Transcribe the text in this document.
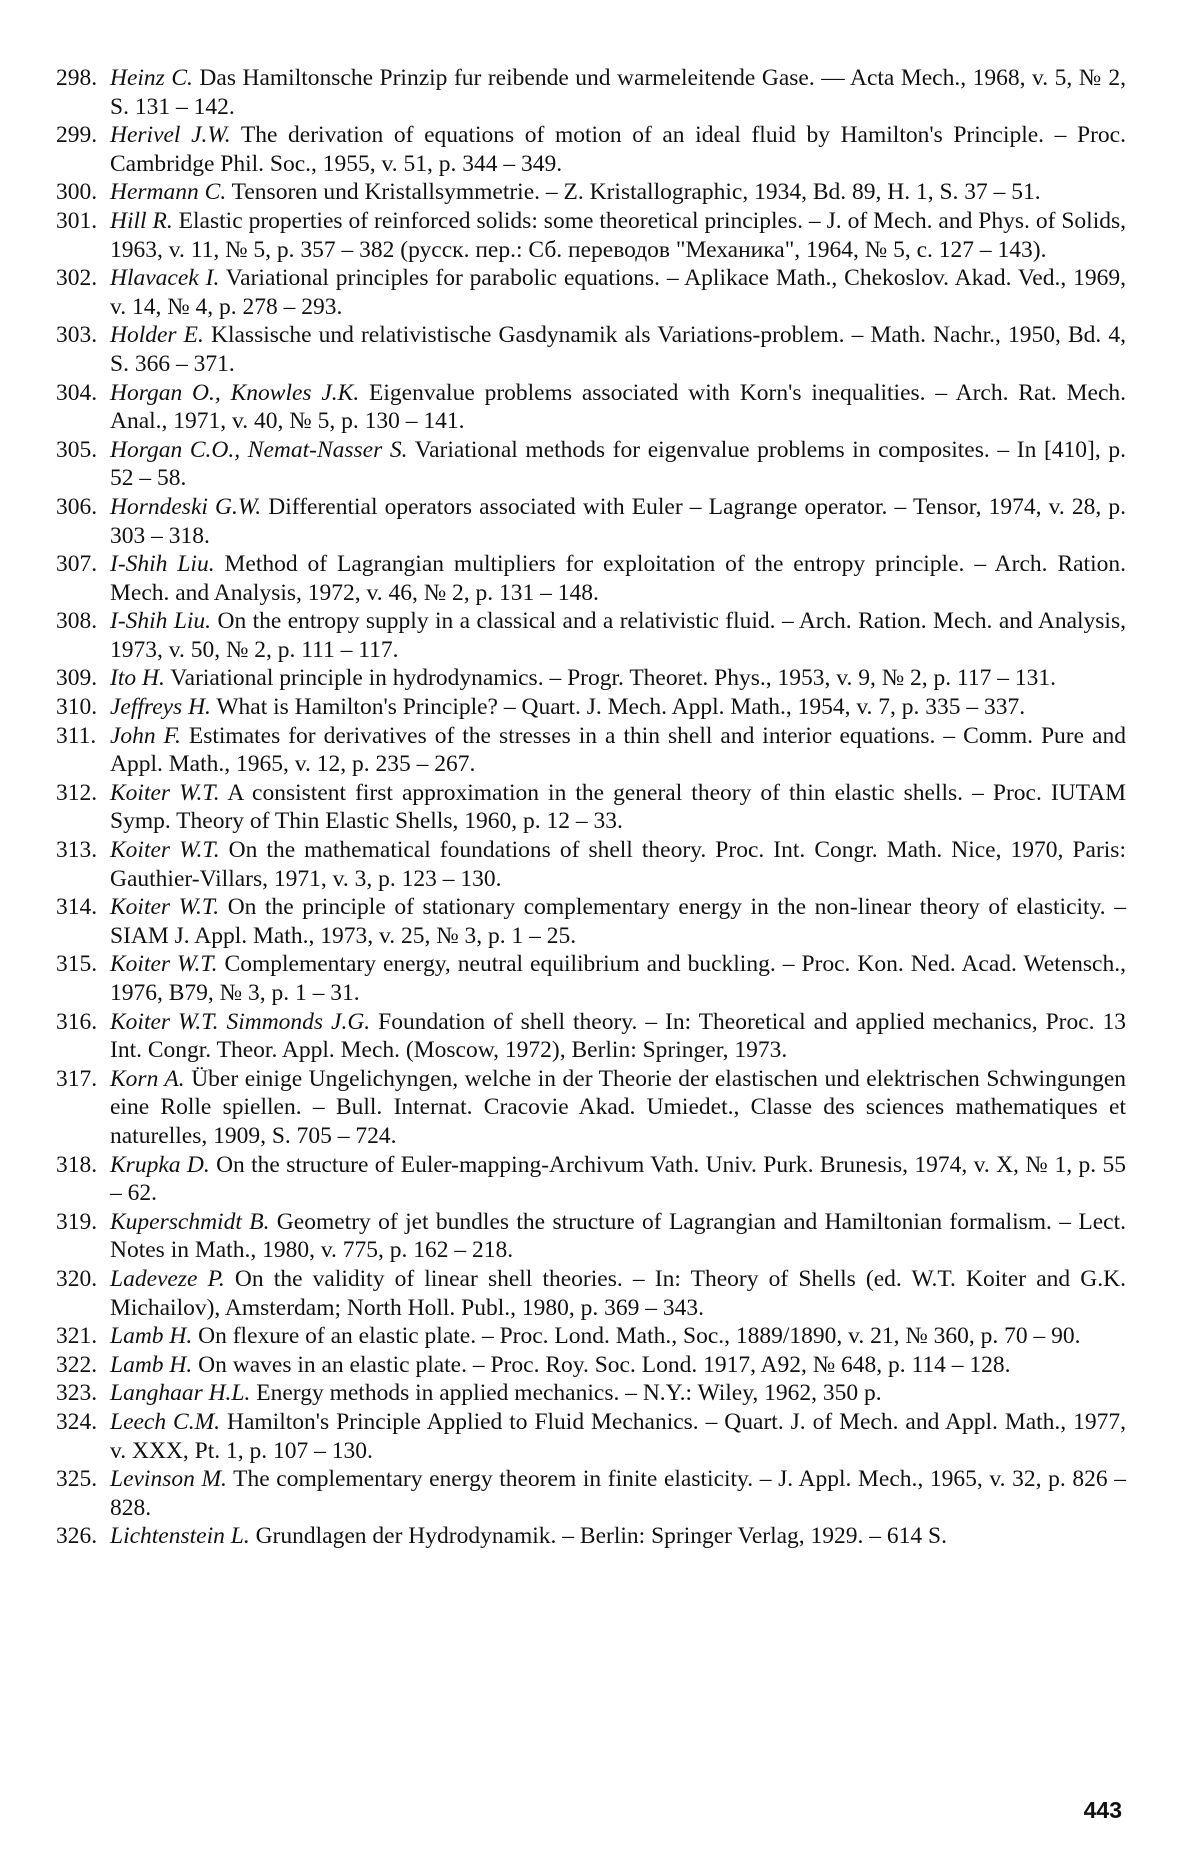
298. Heinz C. Das Hamiltonsche Prinzip fur reibende und warmeleitende Gase. — Acta Mech., 1968, v. 5, № 2, S. 131 – 142.
299. Herivel J.W. The derivation of equations of motion of an ideal fluid by Hamilton's Principle. – Proc. Cambridge Phil. Soc., 1955, v. 51, p. 344 – 349.
300. Hermann C. Tensoren und Kristallsymmetrie. – Z. Kristallographic, 1934, Bd. 89, H. 1, S. 37 – 51.
301. Hill R. Elastic properties of reinforced solids: some theoretical principles. – J. of Mech. and Phys. of Solids, 1963, v. 11, № 5, p. 357 – 382 (русск. пер.: Сб. переводов "Механика", 1964, № 5, с. 127 – 143).
302. Hlavacek I. Variational principles for parabolic equations. – Aplikace Math., Chekoslov. Akad. Ved., 1969, v. 14, № 4, p. 278 – 293.
303. Holder E. Klassische und relativistische Gasdynamik als Variations-problem. – Math. Nachr., 1950, Bd. 4, S. 366 – 371.
304. Horgan O., Knowles J.K. Eigenvalue problems associated with Korn's inequalities. – Arch. Rat. Mech. Anal., 1971, v. 40, № 5, p. 130 – 141.
305. Horgan C.O., Nemat-Nasser S. Variational methods for eigenvalue problems in composites. – In [410], p. 52 – 58.
306. Horndeski G.W. Differential operators associated with Euler – Lagrange operator. – Tensor, 1974, v. 28, p. 303 – 318.
307. I-Shih Liu. Method of Lagrangian multipliers for exploitation of the entropy principle. – Arch. Ration. Mech. and Analysis, 1972, v. 46, № 2, p. 131 – 148.
308. I-Shih Liu. On the entropy supply in a classical and a relativistic fluid. – Arch. Ration. Mech. and Analysis, 1973, v. 50, № 2, p. 111 – 117.
309. Ito H. Variational principle in hydrodynamics. – Progr. Theoret. Phys., 1953, v. 9, № 2, p. 117 – 131.
310. Jeffreys H. What is Hamilton's Principle? – Quart. J. Mech. Appl. Math., 1954, v. 7, p. 335 – 337.
311. John F. Estimates for derivatives of the stresses in a thin shell and interior equations. – Comm. Pure and Appl. Math., 1965, v. 12, p. 235 – 267.
312. Koiter W.T. A consistent first approximation in the general theory of thin elastic shells. – Proc. IUTAM Symp. Theory of Thin Elastic Shells, 1960, p. 12 – 33.
313. Koiter W.T. On the mathematical foundations of shell theory. Proc. Int. Congr. Math. Nice, 1970, Paris: Gauthier-Villars, 1971, v. 3, p. 123 – 130.
314. Koiter W.T. On the principle of stationary complementary energy in the non-linear theory of elasticity. – SIAM J. Appl. Math., 1973, v. 25, № 3, p. 1 – 25.
315. Koiter W.T. Complementary energy, neutral equilibrium and buckling. – Proc. Kon. Ned. Acad. Wetensch., 1976, B79, № 3, p. 1 – 31.
316. Koiter W.T. Simmonds J.G. Foundation of shell theory. – In: Theoretical and applied mechanics, Proc. 13 Int. Congr. Theor. Appl. Mech. (Moscow, 1972), Berlin: Springer, 1973.
317. Korn A. Über einige Ungelichyngen, welche in der Theorie der elastischen und elektrischen Schwingungen eine Rolle spiellen. – Bull. Internat. Cracovie Akad. Umiedet., Classe des sciences mathematiques et naturelles, 1909, S. 705 – 724.
318. Krupka D. On the structure of Euler-mapping-Archivum Vath. Univ. Purk. Brunesis, 1974, v. X, № 1, p. 55 – 62.
319. Kuperschmidt B. Geometry of jet bundles the structure of Lagrangian and Hamiltonian formalism. – Lect. Notes in Math., 1980, v. 775, p. 162 – 218.
320. Ladeveze P. On the validity of linear shell theories. – In: Theory of Shells (ed. W.T. Koiter and G.K. Michailov), Amsterdam; North Holl. Publ., 1980, p. 369 – 343.
321. Lamb H. On flexure of an elastic plate. – Proc. Lond. Math., Soc., 1889/1890, v. 21, № 360, p. 70 – 90.
322. Lamb H. On waves in an elastic plate. – Proc. Roy. Soc. Lond. 1917, A92, № 648, p. 114 – 128.
323. Langhaar H.L. Energy methods in applied mechanics. – N.Y.: Wiley, 1962, 350 p.
324. Leech C.M. Hamilton's Principle Applied to Fluid Mechanics. – Quart. J. of Mech. and Appl. Math., 1977, v. XXX, Pt. 1, p. 107 – 130.
325. Levinson M. The complementary energy theorem in finite elasticity. – J. Appl. Mech., 1965, v. 32, p. 826 – 828.
326. Lichtenstein L. Grundlagen der Hydrodynamik. – Berlin: Springer Verlag, 1929. – 614 S.
443
